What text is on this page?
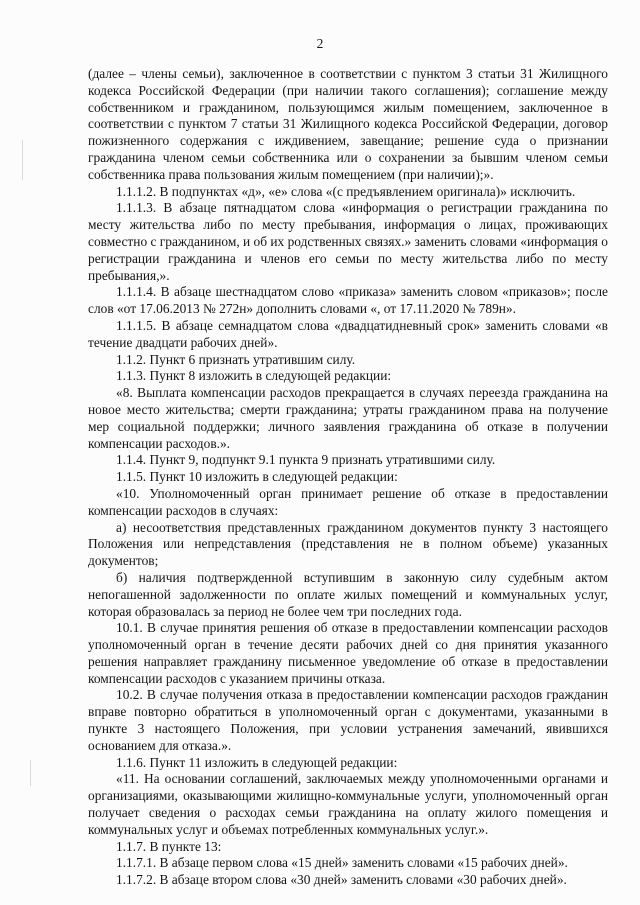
2

(далее – члены семьи), заключенное в соответствии с пунктом 3 статьи 31 Жилищного кодекса Российской Федерации (при наличии такого соглашения); соглашение между собственником и гражданином, пользующимся жилым помещением, заключенное в соответствии с пунктом 7 статьи 31 Жилищного кодекса Российской Федерации, договор пожизненного содержания с иждивением, завещание; решение суда о признании гражданина членом семьи собственника или о сохранении за бывшим членом семьи собственника права пользования жилым помещением (при наличии);».

1.1.1.2. В подпунктах «д», «е» слова «(с предъявлением оригинала)» исключить.

1.1.1.3. В абзаце пятнадцатом слова «информация о регистрации гражданина по месту жительства либо по месту пребывания, информация о лицах, проживающих совместно с гражданином, и об их родственных связях.» заменить словами «информация о регистрации гражданина и членов его семьи по месту жительства либо по месту пребывания,».

1.1.1.4. В абзаце шестнадцатом слово «приказа» заменить словом «приказов»; после слов «от 17.06.2013 № 272н» дополнить словами «, от 17.11.2020 № 789н».

1.1.1.5. В абзаце семнадцатом слова «двадцатидневный срок» заменить словами «в течение двадцати рабочих дней».

1.1.2. Пункт 6 признать утратившим силу.

1.1.3. Пункт 8 изложить в следующей редакции:

«8. Выплата компенсации расходов прекращается в случаях переезда гражданина на новое место жительства; смерти гражданина; утраты гражданином права на получение мер социальной поддержки; личного заявления гражданина об отказе в получении компенсации расходов.».

1.1.4. Пункт 9, подпункт 9.1 пункта 9 признать утратившими силу.

1.1.5. Пункт 10 изложить в следующей редакции:

«10. Уполномоченный орган принимает решение об отказе в предоставлении компенсации расходов в случаях:

а) несоответствия представленных гражданином документов пункту 3 настоящего Положения или непредставления (представления не в полном объеме) указанных документов;

б) наличия подтвержденной вступившим в законную силу судебным актом непогашенной задолженности по оплате жилых помещений и коммунальных услуг, которая образовалась за период не более чем три последних года.

10.1. В случае принятия решения об отказе в предоставлении компенсации расходов уполномоченный орган в течение десяти рабочих дней со дня принятия указанного решения направляет гражданину письменное уведомление об отказе в предоставлении компенсации расходов с указанием причины отказа.

10.2. В случае получения отказа в предоставлении компенсации расходов гражданин вправе повторно обратиться в уполномоченный орган с документами, указанными в пункте 3 настоящего Положения, при условии устранения замечаний, явившихся основанием для отказа.».

1.1.6. Пункт 11 изложить в следующей редакции:

«11. На основании соглашений, заключаемых между уполномоченными органами и организациями, оказывающими жилищно-коммунальные услуги, уполномоченный орган получает сведения о расходах семьи гражданина на оплату жилого помещения и коммунальных услуг и объемах потребленных коммунальных услуг.».

1.1.7. В пункте 13:

1.1.7.1. В абзаце первом слова «15 дней» заменить словами «15 рабочих дней».

1.1.7.2. В абзаце втором слова «30 дней» заменить словами «30 рабочих дней».
